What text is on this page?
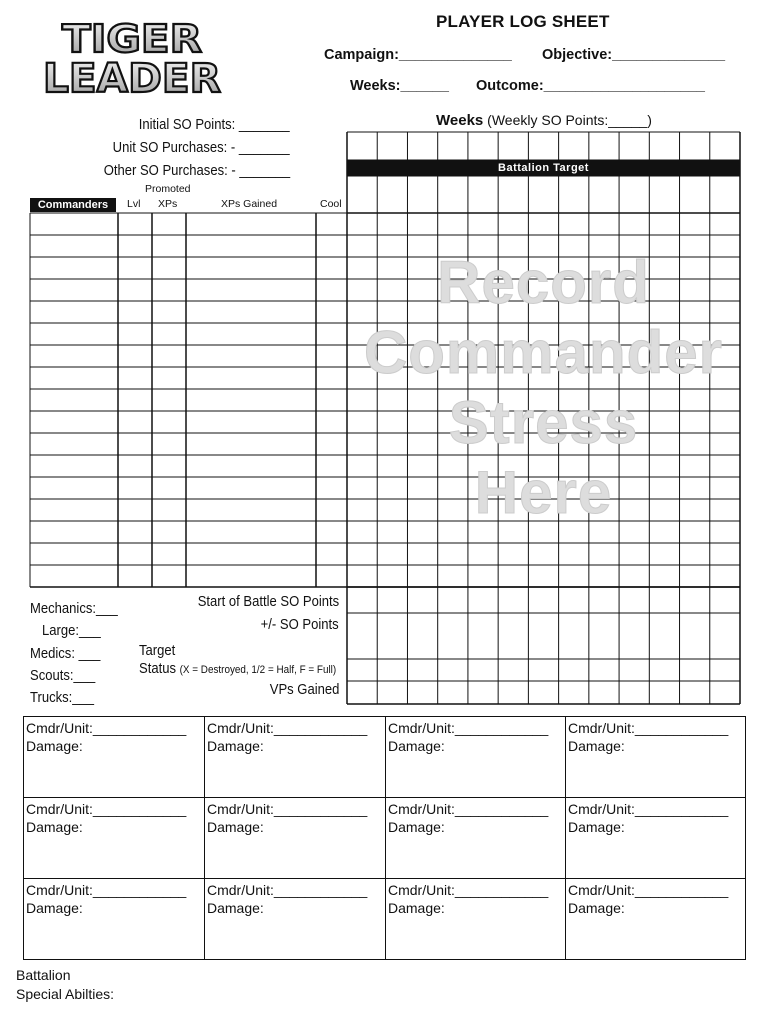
TIGER
LEADER
PLAYER LOG SHEET
Campaign:______________ Objective:______________
Weeks:______ Outcome:____________________
Initial SO Points: _______
Unit SO Purchases: - _______
Other SO Purchases: - _______
Weeks (Weekly SO Points:_____)
Promoted
Commanders	Lvl XPs	XPs Gained	Cool
Battalion Target
Record
Commander
Stress
Here
Mechanics:___
Large:___
Medics: ___
Scouts:___
Trucks:___
Start of Battle SO Points
+/- SO Points
Target
Status (X = Destroyed, 1/2 = Half, F = Full)
VPs Gained
Cmdr/Unit:____________
Damage:
Cmdr/Unit:____________
Damage:
Cmdr/Unit:____________
Damage:
Cmdr/Unit:____________
Damage:
Cmdr/Unit:____________
Damage:
Cmdr/Unit:____________
Damage:
Cmdr/Unit:____________
Damage:
Cmdr/Unit:____________
Damage:
Cmdr/Unit:____________
Damage:
Cmdr/Unit:____________
Damage:
Cmdr/Unit:____________
Damage:
Cmdr/Unit:____________
Damage:
Battalion
Special Abilties:
